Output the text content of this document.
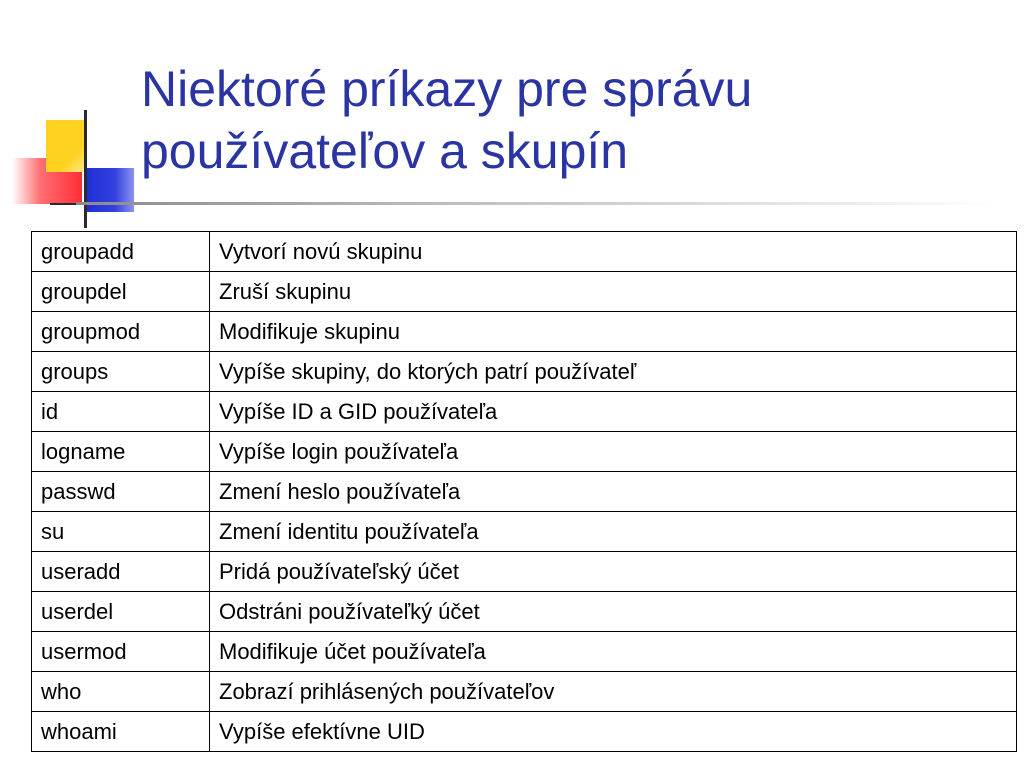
Niektoré príkazy pre správu
používateľov a skupín
groupadd	Vytvorí novú skupinu
groupdel	Zruší skupinu
groupmod	Modifikuje skupinu
groups	Vypíše skupiny, do ktorých patrí používateľ
id	Vypíše ID a GID používateľa
logname	Vypíše login používateľa
passwd	Zmení heslo používateľa
su	Zmení identitu používateľa
useradd	Pridá používateľský účet
userdel	Odstráni používateľký účet
usermod	Modifikuje účet používateľa
who	Zobrazí prihlásených používateľov
whoami	Vypíše efektívne UID
